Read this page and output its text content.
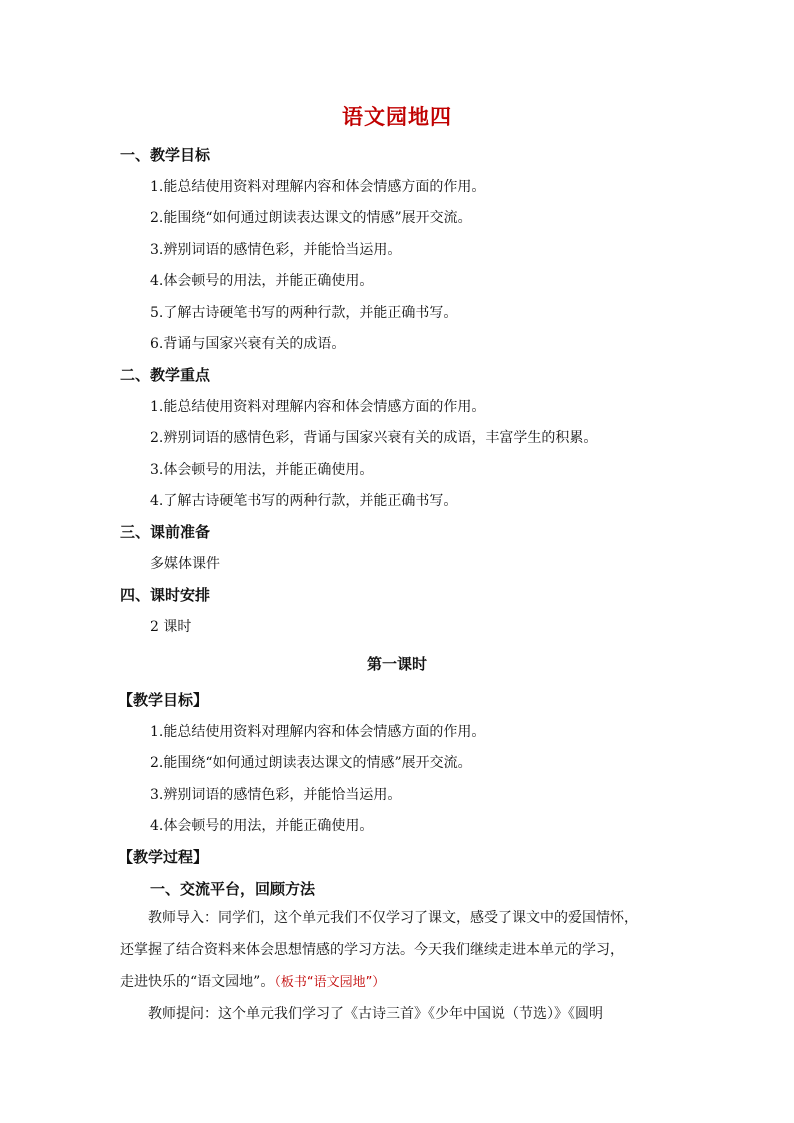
语文园地四
一、教学目标
1.能总结使用资料对理解内容和体会情感方面的作用。
2.能围绕“如何通过朗读表达课文的情感”展开交流。
3.辨别词语的感情色彩，并能恰当运用。
4.体会顿号的用法，并能正确使用。
5.了解古诗硬笔书写的两种行款，并能正确书写。
6.背诵与国家兴衰有关的成语。
二、教学重点
1.能总结使用资料对理解内容和体会情感方面的作用。
2.辨别词语的感情色彩，背诵与国家兴衰有关的成语，丰富学生的积累。
3.体会顿号的用法，并能正确使用。
4.了解古诗硬笔书写的两种行款，并能正确书写。
三、课前准备
多媒体课件
四、课时安排
2 课时
第一课时
【教学目标】
1.能总结使用资料对理解内容和体会情感方面的作用。
2.能围绕“如何通过朗读表达课文的情感”展开交流。
3.辨别词语的感情色彩，并能恰当运用。
4.体会顿号的用法，并能正确使用。
【教学过程】
一、交流平台，回顾方法
教师导入：同学们，这个单元我们不仅学习了课文，感受了课文中的爱国情怀，
还掌握了结合资料来体会思想情感的学习方法。今天我们继续走进本单元的学习，
走进快乐的“语文园地”。（板书“语文园地”）
教师提问：这个单元我们学习了《古诗三首》《少年中国说（节选）》《圆明
